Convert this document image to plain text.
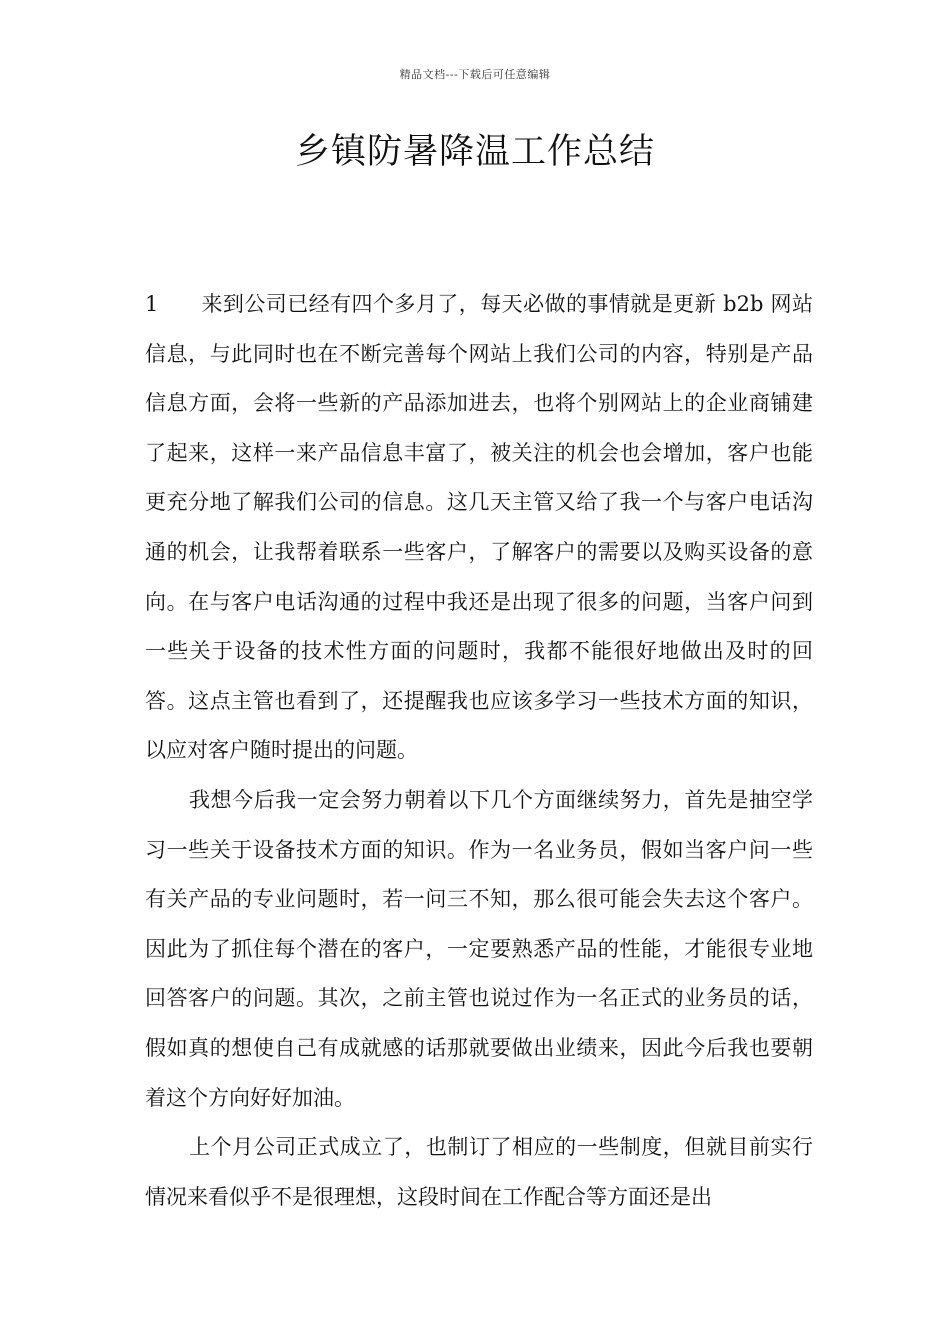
精品文档---下载后可任意编辑
乡镇防暑降温工作总结

1 来到公司已经有四个多月了，每天必做的事情就是更新 b2b 网站信息，与此同时也在不断完善每个网站上我们公司的内容，特别是产品信息方面，会将一些新的产品添加进去，也将个别网站上的企业商铺建了起来，这样一来产品信息丰富了，被关注的机会也会增加，客户也能更充分地了解我们公司的信息。这几天主管又给了我一个与客户电话沟通的机会，让我帮着联系一些客户，了解客户的需要以及购买设备的意向。在与客户电话沟通的过程中我还是出现了很多的问题，当客户问到一些关于设备的技术性方面的问题时，我都不能很好地做出及时的回答。这点主管也看到了，还提醒我也应该多学习一些技术方面的知识，以应对客户随时提出的问题。

我想今后我一定会努力朝着以下几个方面继续努力，首先是抽空学习一些关于设备技术方面的知识。作为一名业务员，假如当客户问一些有关产品的专业问题时，若一问三不知，那么很可能会失去这个客户。因此为了抓住每个潜在的客户，一定要熟悉产品的性能，才能很专业地回答客户的问题。其次，之前主管也说过作为一名正式的业务员的话，假如真的想使自己有成就感的话那就要做出业绩来，因此今后我也要朝着这个方向好好加油。

上个月公司正式成立了，也制订了相应的一些制度，但就目前实行情况来看似乎不是很理想，这段时间在工作配合等方面还是出
